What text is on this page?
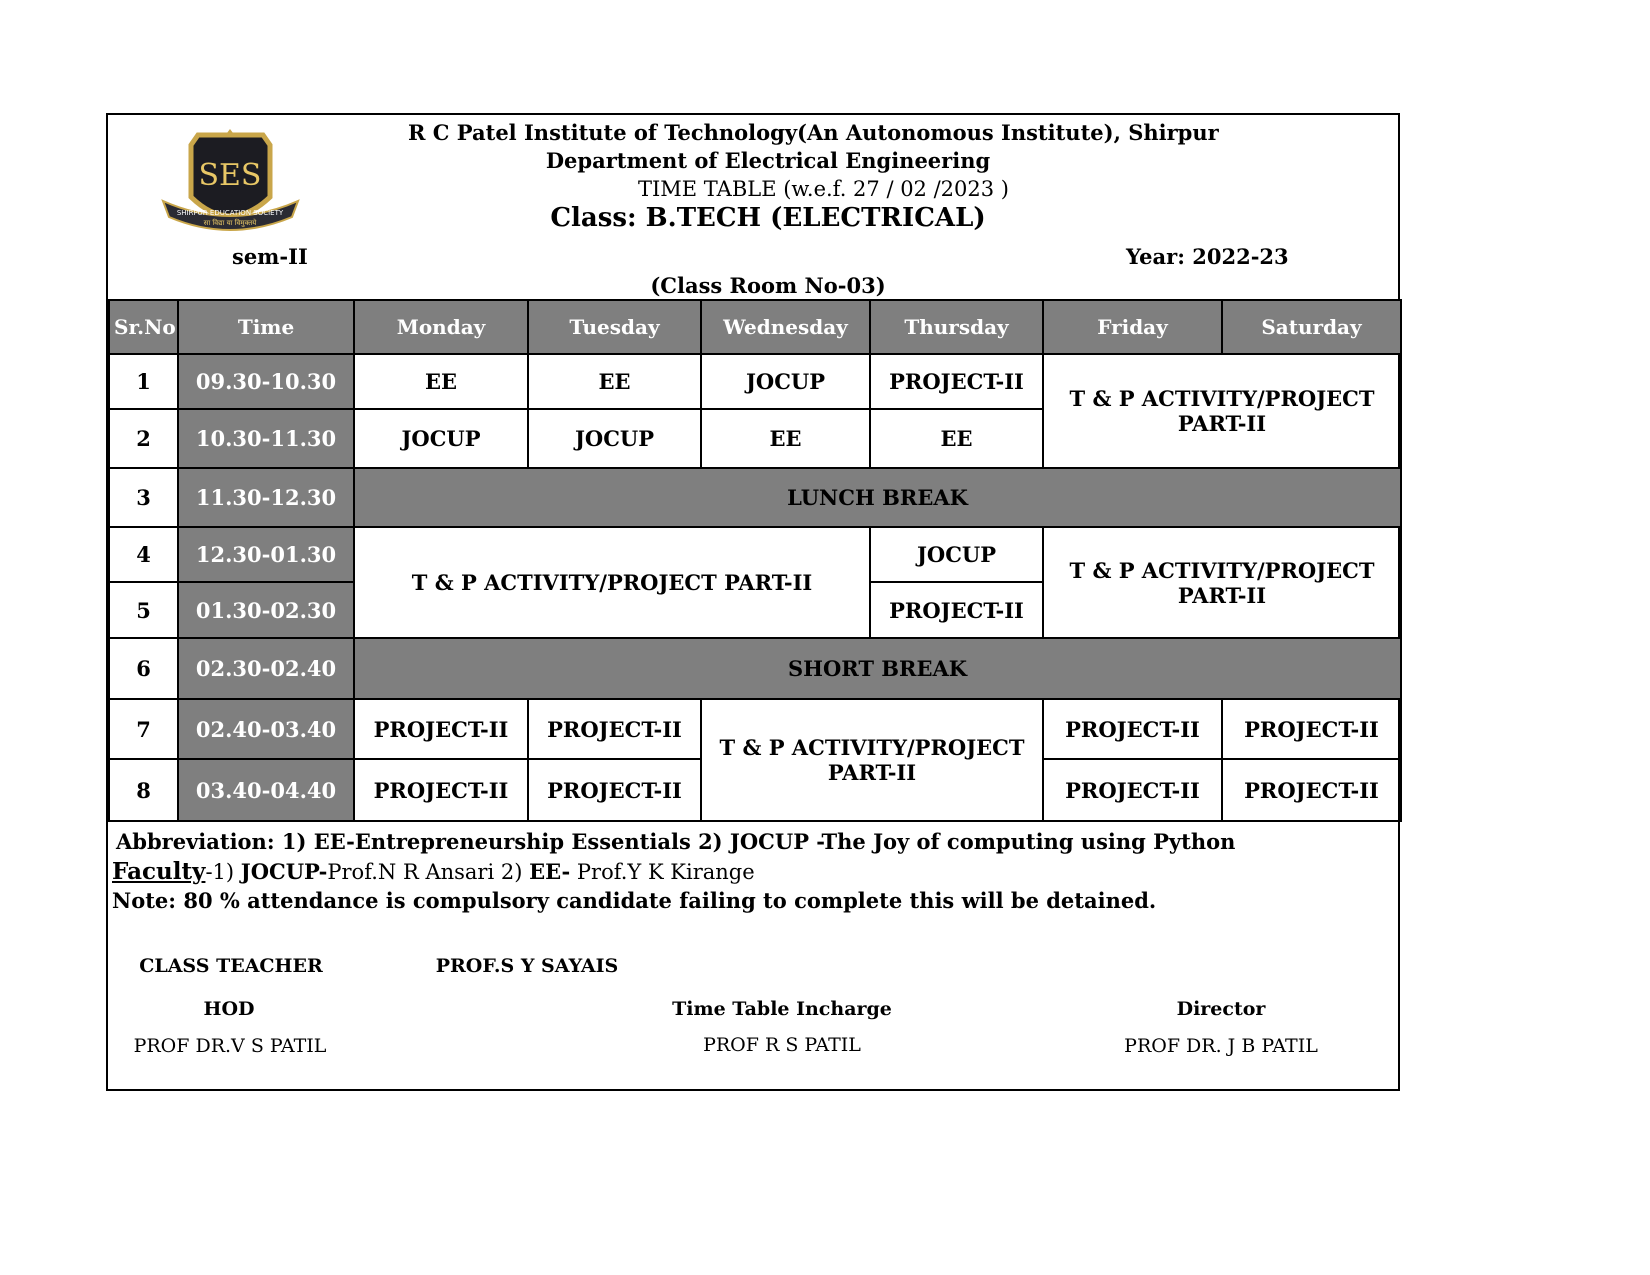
SES
SHIRPUR EDUCATION SOCIETY
सा विद्या या विमुक्तये
R C Patel Institute of Technology(An Autonomous Institute), Shirpur
Department of Electrical Engineering
TIME TABLE (w.e.f. 27 / 02 /2023 )
Class: B.TECH (ELECTRICAL)
sem-II	Year: 2022-23
(Class Room No-03)
Sr.No	Time	Monday	Tuesday	Wednesday	Thursday	Friday	Saturday
1	09.30-10.30	EE	EE	JOCUP	PROJECT-II	T & P ACTIVITY/PROJECT PART-II	
2	10.30-11.30	JOCUP	JOCUP	EE	EE		
3	11.30-12.30	LUNCH BREAK					
4	12.30-01.30	T & P ACTIVITY/PROJECT PART-II			JOCUP	T & P ACTIVITY/PROJECT PART-II	
5	01.30-02.30				PROJECT-II		
6	02.30-02.40	SHORT BREAK					
7	02.40-03.40	PROJECT-II	PROJECT-II	T & P ACTIVITY/PROJECT PART-II		PROJECT-II	PROJECT-II
8	03.40-04.40	PROJECT-II	PROJECT-II			PROJECT-II	PROJECT-II
Abbreviation: 1) EE-Entrepreneurship Essentials 2) JOCUP -The Joy of computing using Python
Faculty-1) JOCUP-Prof.N R Ansari 2) EE- Prof.Y K Kirange
Note: 80 % attendance is compulsory candidate failing to complete this will be detained.
CLASS TEACHER	PROF.S Y SAYAIS
HOD
PROF DR.V S PATIL
Time Table Incharge
PROF R S PATIL
Director
PROF DR. J B PATIL
